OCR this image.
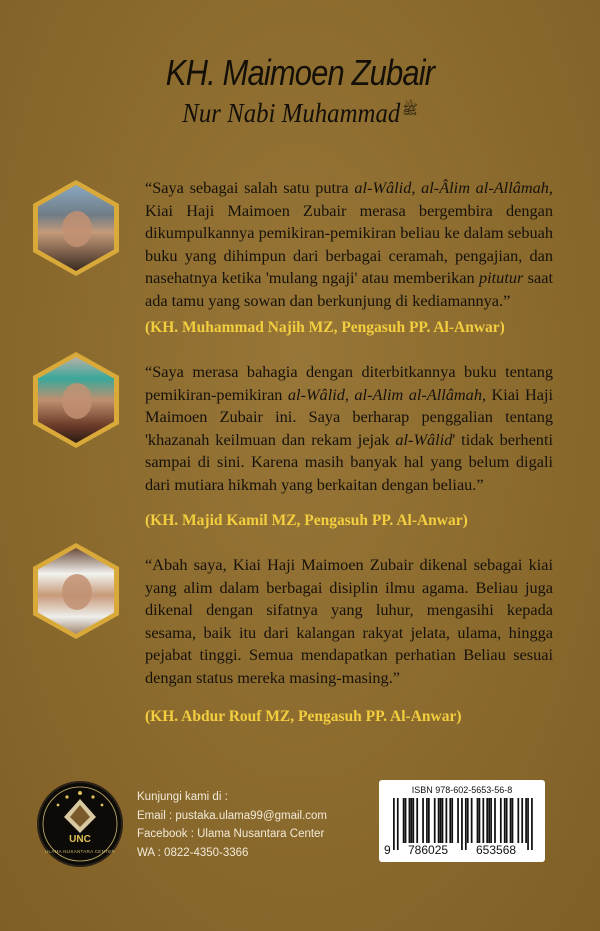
KH. Maimoen Zubair
Nur Nabi Muhammad $^ﷺ$

“Saya sebagai salah satu putra al-Wâlid, al-Âlim al-Allâmah, Kiai Haji Maimoen Zubair merasa bergembira dengan dikumpulkannya pemikiran-pemikiran beliau ke dalam sebuah buku yang dihimpun dari berbagai ceramah, pengajian, dan nasehatnya ketika 'mulang ngaji' atau memberikan pitutur saat ada tamu yang sowan dan berkunjung di kediamannya.”

(KH. Muhammad Najih MZ, Pengasuh PP. Al-Anwar)

“Saya merasa bahagia dengan diterbitkannya buku tentang pemikiran-pemikiran al-Wâlid, al-Alim al-Allâmah, Kiai Haji Maimoen Zubair ini. Saya berharap penggalian tentang 'khazanah keilmuan dan rekam jejak al-Wâlid' tidak berhenti sampai di sini. Karena masih banyak hal yang belum digali dari mutiara hikmah yang berkaitan dengan beliau.”

(KH. Majid Kamil MZ, Pengasuh PP. Al-Anwar)

“Abah saya, Kiai Haji Maimoen Zubair dikenal sebagai kiai yang alim dalam berbagai disiplin ilmu agama. Beliau juga dikenal dengan sifatnya yang luhur, mengasihi kepada sesama, baik itu dari kalangan rakyat jelata, ulama, hingga pejabat tinggi. Semua mendapatkan perhatian Beliau sesuai dengan status mereka masing-masing.”

(KH. Abdur Rouf MZ, Pengasuh PP. Al-Anwar)
UNC
ULAMA NUSANTARA CENTER
Kunjungi kami di :
Email : pustaka.ulama99@gmail.com
Facebook : Ulama Nusantara Center
WA : 0822-4350-3366
ISBN 978-602-5653-56-8
9 786025 653568
